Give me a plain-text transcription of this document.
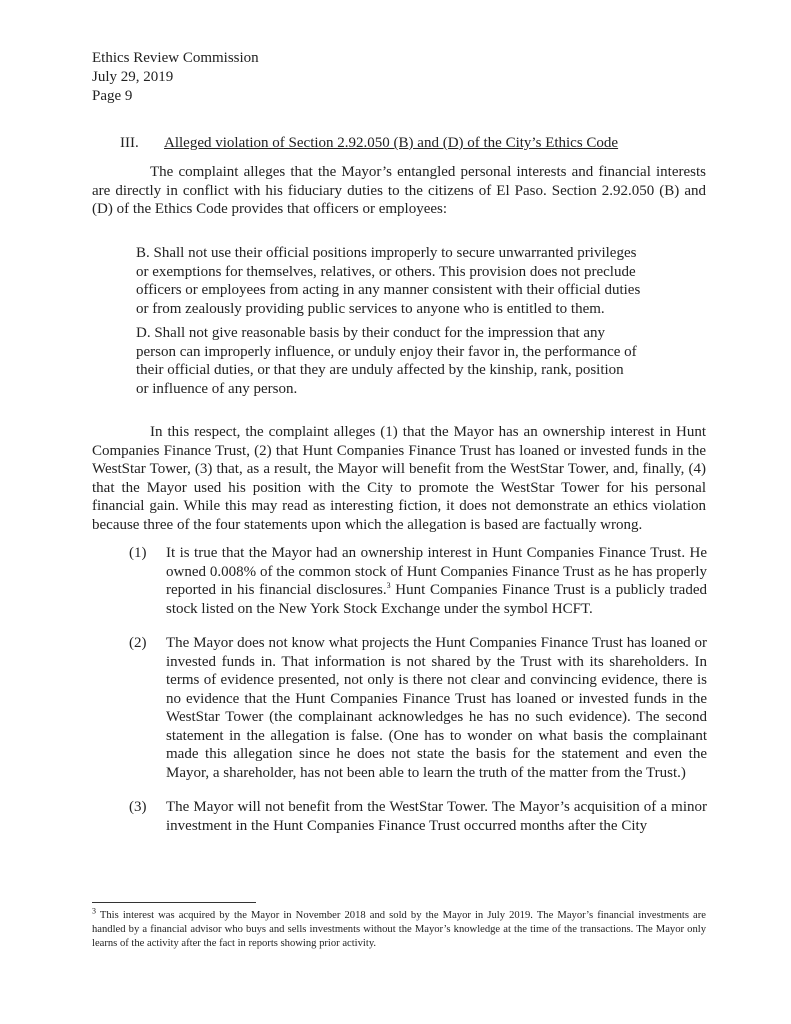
Ethics Review Commission
July 29, 2019
Page 9
III. Alleged violation of Section 2.92.050 (B) and (D) of the City’s Ethics Code

The complaint alleges that the Mayor’s entangled personal interests and financial interests are directly in conflict with his fiduciary duties to the citizens of El Paso. Section 2.92.050 (B) and (D) of the Ethics Code provides that officers or employees:

B. Shall not use their official positions improperly to secure unwarranted privileges
or exemptions for themselves, relatives, or others. This provision does not preclude
officers or employees from acting in any manner consistent with their official duties
or from zealously providing public services to anyone who is entitled to them.
D. Shall not give reasonable basis by their conduct for the impression that any
person can improperly influence, or unduly enjoy their favor in, the performance of
their official duties, or that they are unduly affected by the kinship, rank, position
or influence of any person.

In this respect, the complaint alleges (1) that the Mayor has an ownership interest in Hunt Companies Finance Trust, (2) that Hunt Companies Finance Trust has loaned or invested funds in the WestStar Tower, (3) that, as a result, the Mayor will benefit from the WestStar Tower, and, finally, (4) that the Mayor used his position with the City to promote the WestStar Tower for his personal financial gain. While this may read as interesting fiction, it does not demonstrate an ethics violation because three of the four statements upon which the allegation is based are factually wrong.

(1) It is true that the Mayor had an ownership interest in Hunt Companies Finance Trust. He owned 0.008% of the common stock of Hunt Companies Finance Trust as he has properly reported in his financial disclosures.$^3$ Hunt Companies Finance Trust is a publicly traded stock listed on the New York Stock Exchange under the symbol HCFT.
(2) The Mayor does not know what projects the Hunt Companies Finance Trust has loaned or invested funds in. That information is not shared by the Trust with its shareholders. In terms of evidence presented, not only is there not clear and convincing evidence, there is no evidence that the Hunt Companies Finance Trust has loaned or invested funds in the WestStar Tower (the complainant acknowledges he has no such evidence). The second statement in the allegation is false. (One has to wonder on what basis the complainant made this allegation since he does not state the basis for the statement and even the Mayor, a shareholder, has not been able to learn the truth of the matter from the Trust.)
(3) The Mayor will not benefit from the WestStar Tower. The Mayor’s acquisition of a minor investment in the Hunt Companies Finance Trust occurred months after the City
$^3$ This interest was acquired by the Mayor in November 2018 and sold by the Mayor in July 2019. The Mayor’s financial investments are handled by a financial advisor who buys and sells investments without the Mayor’s knowledge at the time of the transactions. The Mayor only learns of the activity after the fact in reports showing prior activity.
